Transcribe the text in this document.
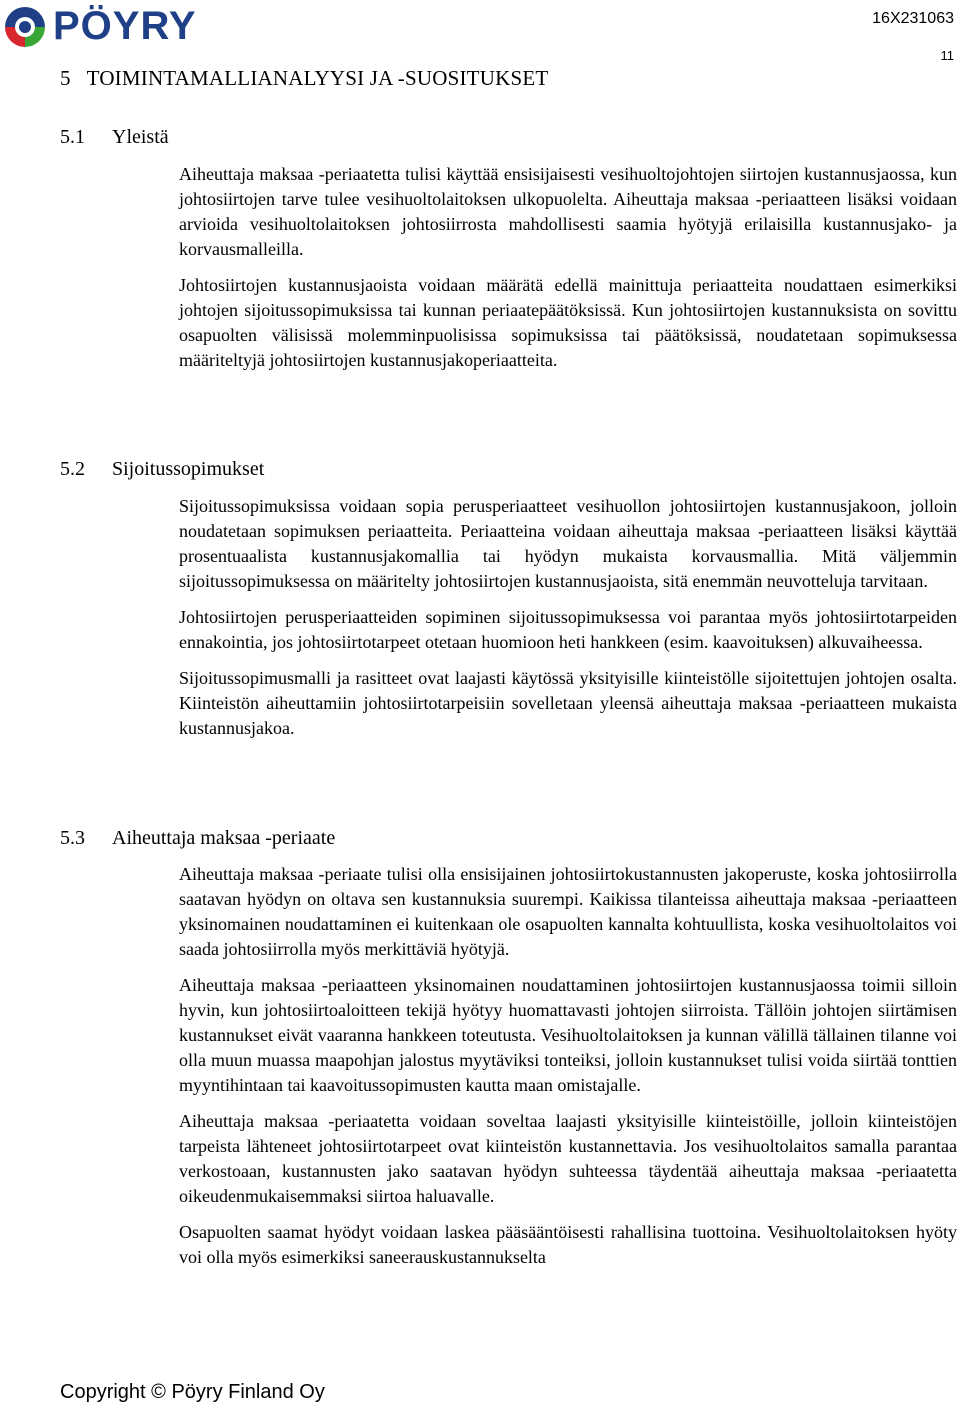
PÖYRY	16X231063
11
5   TOIMINTAMALLIANALYYSI JA -SUOSITUKSET
5.1 Yleistä

Aiheuttaja maksaa -periaatetta tulisi käyttää ensisijaisesti vesihuoltojohtojen siirtojen kustannusjaossa, kun johtosiirtojen tarve tulee vesihuoltolaitoksen ulkopuolelta. Aiheuttaja maksaa -periaatteen lisäksi voidaan arvioida vesihuoltolaitoksen johtosiirrosta mahdollisesti saamia hyötyjä erilaisilla kustannusjako- ja korvausmalleilla.

Johtosiirtojen kustannusjaoista voidaan määrätä edellä mainittuja periaatteita noudattaen esimerkiksi johtojen sijoitussopimuksissa tai kunnan periaatepäätöksissä. Kun johtosiirtojen kustannuksista on sovittu osapuolten välisissä molemminpuolisissa sopimuksissa tai päätöksissä, noudatetaan sopimuksessa määriteltyjä johtosiirtojen kustannusjakoperiaatteita.

5.2 Sijoitussopimukset

Sijoitussopimuksissa voidaan sopia perusperiaatteet vesihuollon johtosiirtojen kustannusjakoon, jolloin noudatetaan sopimuksen periaatteita. Periaatteina voidaan aiheuttaja maksaa -periaatteen lisäksi käyttää prosentuaalista kustannusjakomallia tai hyödyn mukaista korvausmallia. Mitä väljemmin sijoitussopimuksessa on määritelty johtosiirtojen kustannusjaoista, sitä enemmän neuvotteluja tarvitaan.

Johtosiirtojen perusperiaatteiden sopiminen sijoitussopimuksessa voi parantaa myös johtosiirtotarpeiden ennakointia, jos johtosiirtotarpeet otetaan huomioon heti hankkeen (esim. kaavoituksen) alkuvaiheessa.

Sijoitussopimusmalli ja rasitteet ovat laajasti käytössä yksityisille kiinteistölle sijoitettujen johtojen osalta. Kiinteistön aiheuttamiin johtosiirtotarpeisiin sovelletaan yleensä aiheuttaja maksaa -periaatteen mukaista kustannusjakoa.

5.3 Aiheuttaja maksaa -periaate

Aiheuttaja maksaa -periaate tulisi olla ensisijainen johtosiirtokustannusten jakoperuste, koska johtosiirrolla saatavan hyödyn on oltava sen kustannuksia suurempi. Kaikissa tilanteissa aiheuttaja maksaa -periaatteen yksinomainen noudattaminen ei kuitenkaan ole osapuolten kannalta kohtuullista, koska vesihuoltolaitos voi saada johtosiirrolla myös merkittäviä hyötyjä.

Aiheuttaja maksaa -periaatteen yksinomainen noudattaminen johtosiirtojen kustannusjaossa toimii silloin hyvin, kun johtosiirtoaloitteen tekijä hyötyy huomattavasti johtojen siirroista. Tällöin johtojen siirtämisen kustannukset eivät vaaranna hankkeen toteutusta. Vesihuoltolaitoksen ja kunnan välillä tällainen tilanne voi olla muun muassa maapohjan jalostus myytäviksi tonteiksi, jolloin kustannukset tulisi voida siirtää tonttien myyntihintaan tai kaavoitussopimusten kautta maan omistajalle.

Aiheuttaja maksaa -periaatetta voidaan soveltaa laajasti yksityisille kiinteistöille, jolloin kiinteistöjen tarpeista lähteneet johtosiirtotarpeet ovat kiinteistön kustannettavia. Jos vesihuoltolaitos samalla parantaa verkostoaan, kustannusten jako saatavan hyödyn suhteessa täydentää aiheuttaja maksaa -periaatetta oikeudenmukaisemmaksi siirtoa haluavalle.

Osapuolten saamat hyödyt voidaan laskea pääsääntöisesti rahallisina tuottoina. Vesihuoltolaitoksen hyöty voi olla myös esimerkiksi saneerauskustannukselta

Copyright © Pöyry Finland Oy
